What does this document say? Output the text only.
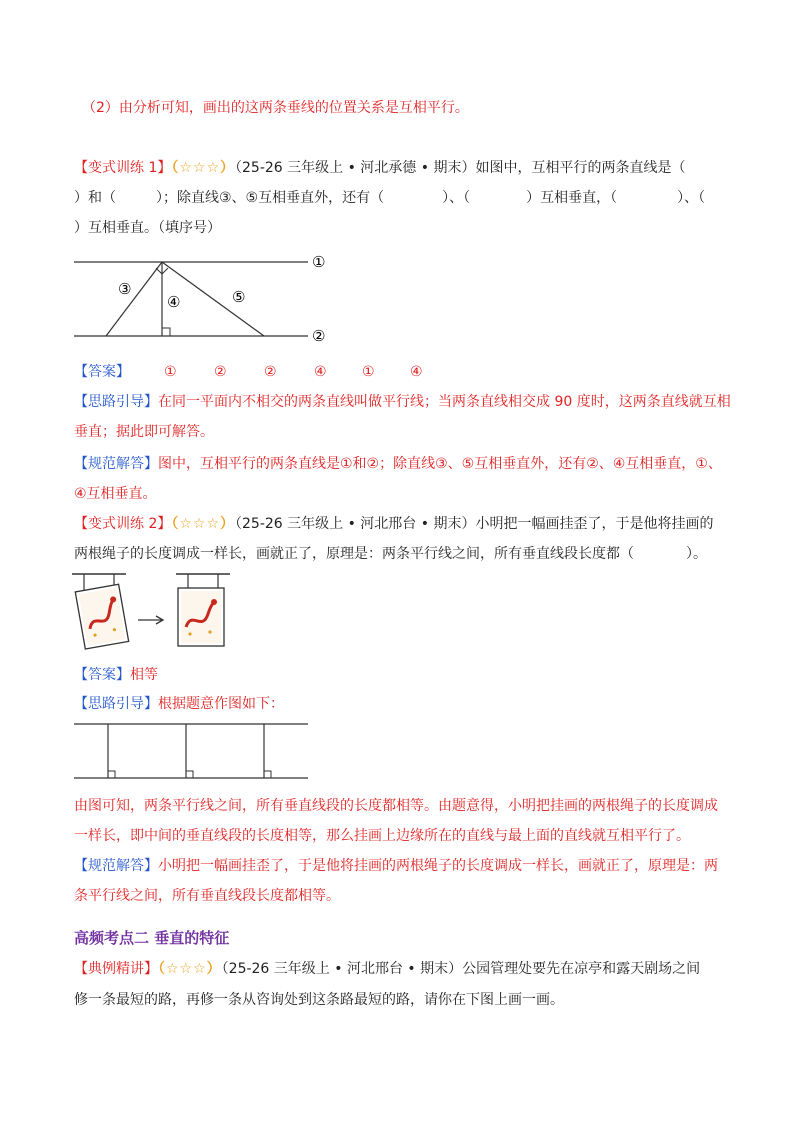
（2）由分析可知，画出的这两条垂线的位置关系是互相平行。
【变式训练 1】（☆☆☆）（25-26 三年级上 • 河北承德 • 期末）如图中，互相平行的两条直线是（
）和（	）；除直线③、⑤互相垂直外，还有（	）、（	）互相垂直，（	）、（
）互相垂直。（填序号）
①
②
③
④	⑤
【答案】 ①	②	②	④	①	④
【思路引导】在同一平面内不相交的两条直线叫做平行线；当两条直线相交成 90 度时，这两条直线就互相
垂直；据此即可解答。
【规范解答】图中，互相平行的两条直线是①和②；除直线③、⑤互相垂直外，还有②、④互相垂直，①、
④互相垂直。
【变式训练 2】（☆☆☆）（25-26 三年级上 • 河北邢台 • 期末）小明把一幅画挂歪了，于是他将挂画的
两根绳子的长度调成一样长，画就正了，原理是：两条平行线之间，所有垂直线段长度都（	）。
【答案】相等
【思路引导】根据题意作图如下：
由图可知，两条平行线之间，所有垂直线段的长度都相等。由题意得，小明把挂画的两根绳子的长度调成
一样长，即中间的垂直线段的长度相等，那么挂画上边缘所在的直线与最上面的直线就互相平行了。
【规范解答】小明把一幅画挂歪了，于是他将挂画的两根绳子的长度调成一样长，画就正了，原理是：两
条平行线之间，所有垂直线段长度都相等。
高频考点二 垂直的特征
【典例精讲】（☆☆☆）（25-26 三年级上 • 河北邢台 • 期末）公园管理处要先在凉亭和露天剧场之间
修一条最短的路，再修一条从咨询处到这条路最短的路，请你在下图上画一画。
